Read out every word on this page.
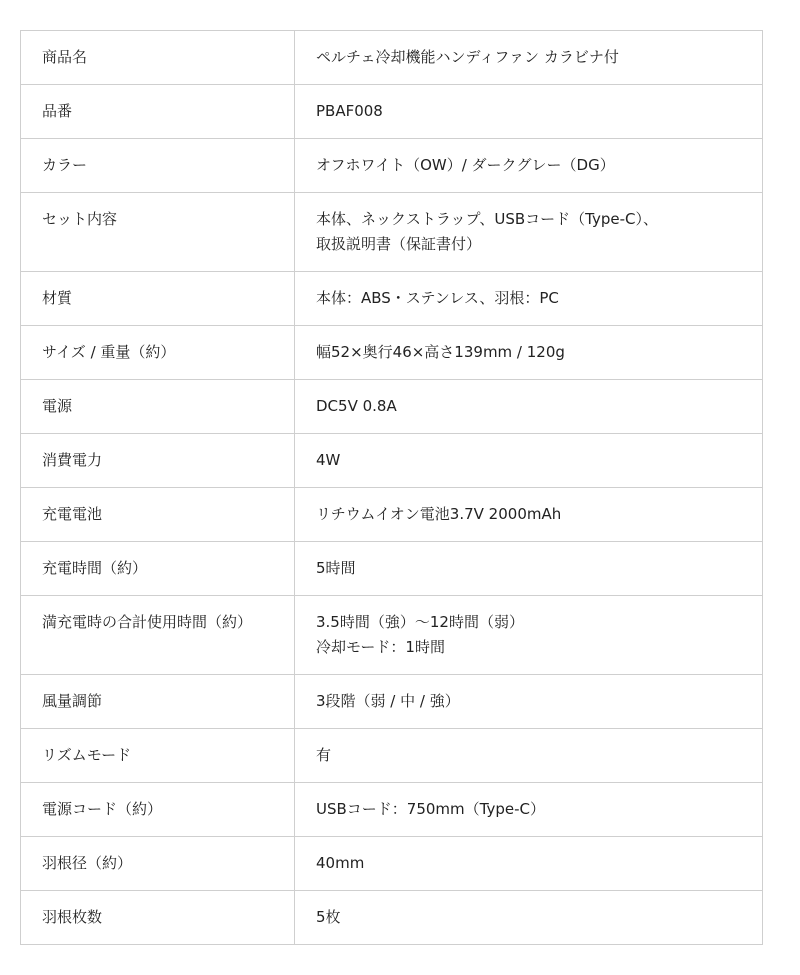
商品名	ペルチェ冷却機能ハンディファン カラビナ付
品番	PBAF008
カラー	オフホワイト（OW）/ ダークグレー（DG）
セット内容	本体、ネックストラップ、USBコード（Type-C）、
取扱説明書（保証書付）
材質	本体：ABS・ステンレス、羽根：PC
サイズ / 重量（約）	幅52×奥行46×高さ139mm / 120g
電源	DC5V 0.8A
消費電力	4W
充電電池	リチウムイオン電池3.7V 2000mAh
充電時間（約）	5時間
満充電時の合計使用時間（約）	3.5時間（強）〜12時間（弱）
冷却モード：1時間
風量調節	3段階（弱 / 中 / 強）
リズムモード	有
電源コード（約）	USBコード：750mm（Type-C）
羽根径（約）	40mm
羽根枚数	5枚
